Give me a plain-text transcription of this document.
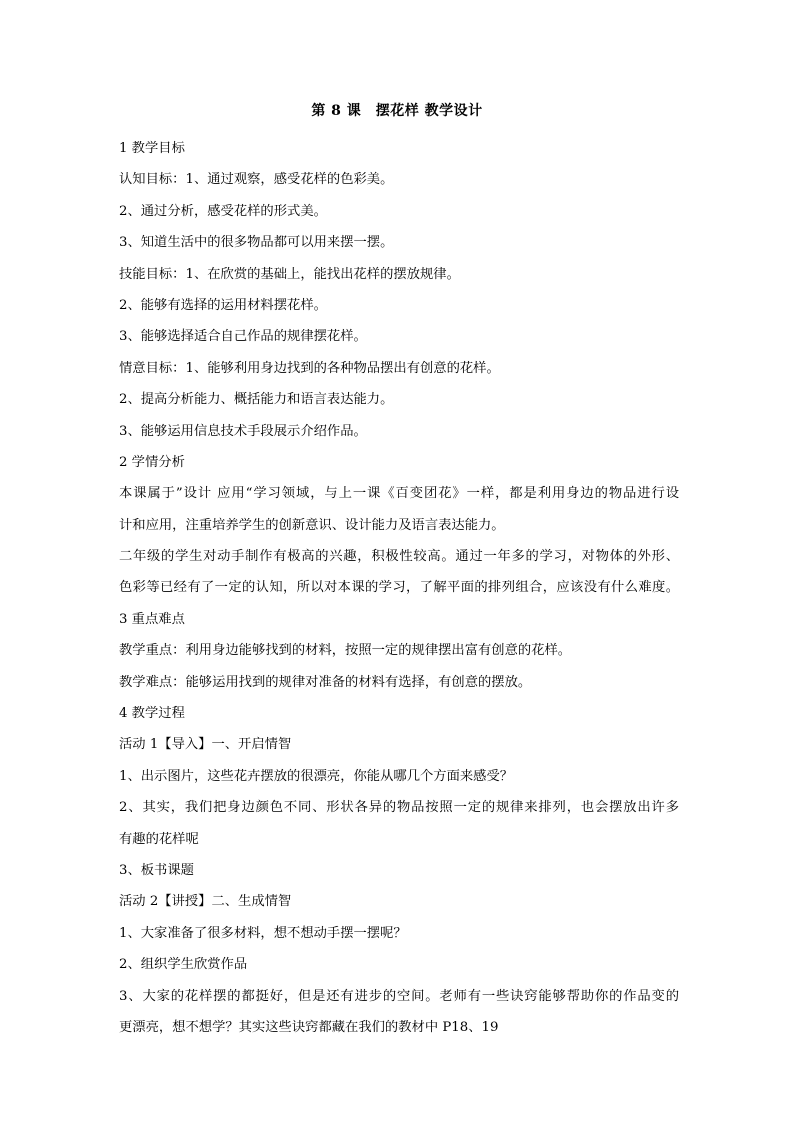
第 8 课　摆花样 教学设计
1 教学目标
认知目标：1、通过观察，感受花样的色彩美。
2、通过分析，感受花样的形式美。
3、知道生活中的很多物品都可以用来摆一摆。
技能目标：1、在欣赏的基础上，能找出花样的摆放规律。
2、能够有选择的运用材料摆花样。
3、能够选择适合自己作品的规律摆花样。
情意目标：1、能够利用身边找到的各种物品摆出有创意的花样。
2、提高分析能力、概括能力和语言表达能力。
3、能够运用信息技术手段展示介绍作品。
2 学情分析
本课属于”设计 应用“学习领域，与上一课《百变团花》一样，都是利用身边的物品进行设
计和应用，注重培养学生的创新意识、设计能力及语言表达能力。
二年级的学生对动手制作有极高的兴趣，积极性较高。通过一年多的学习，对物体的外形、
色彩等已经有了一定的认知，所以对本课的学习，了解平面的排列组合，应该没有什么难度。
3 重点难点
教学重点：利用身边能够找到的材料，按照一定的规律摆出富有创意的花样。
教学难点：能够运用找到的规律对准备的材料有选择，有创意的摆放。
4 教学过程
活动 1【导入】一、开启情智
1、出示图片，这些花卉摆放的很漂亮，你能从哪几个方面来感受？
2、其实，我们把身边颜色不同、形状各异的物品按照一定的规律来排列，也会摆放出许多
有趣的花样呢
3、板书课题
活动 2【讲授】二、生成情智
1、大家准备了很多材料，想不想动手摆一摆呢？
2、组织学生欣赏作品
3、大家的花样摆的都挺好，但是还有进步的空间。老师有一些诀窍能够帮助你的作品变的
更漂亮，想不想学？其实这些诀窍都藏在我们的教材中 P18、19
